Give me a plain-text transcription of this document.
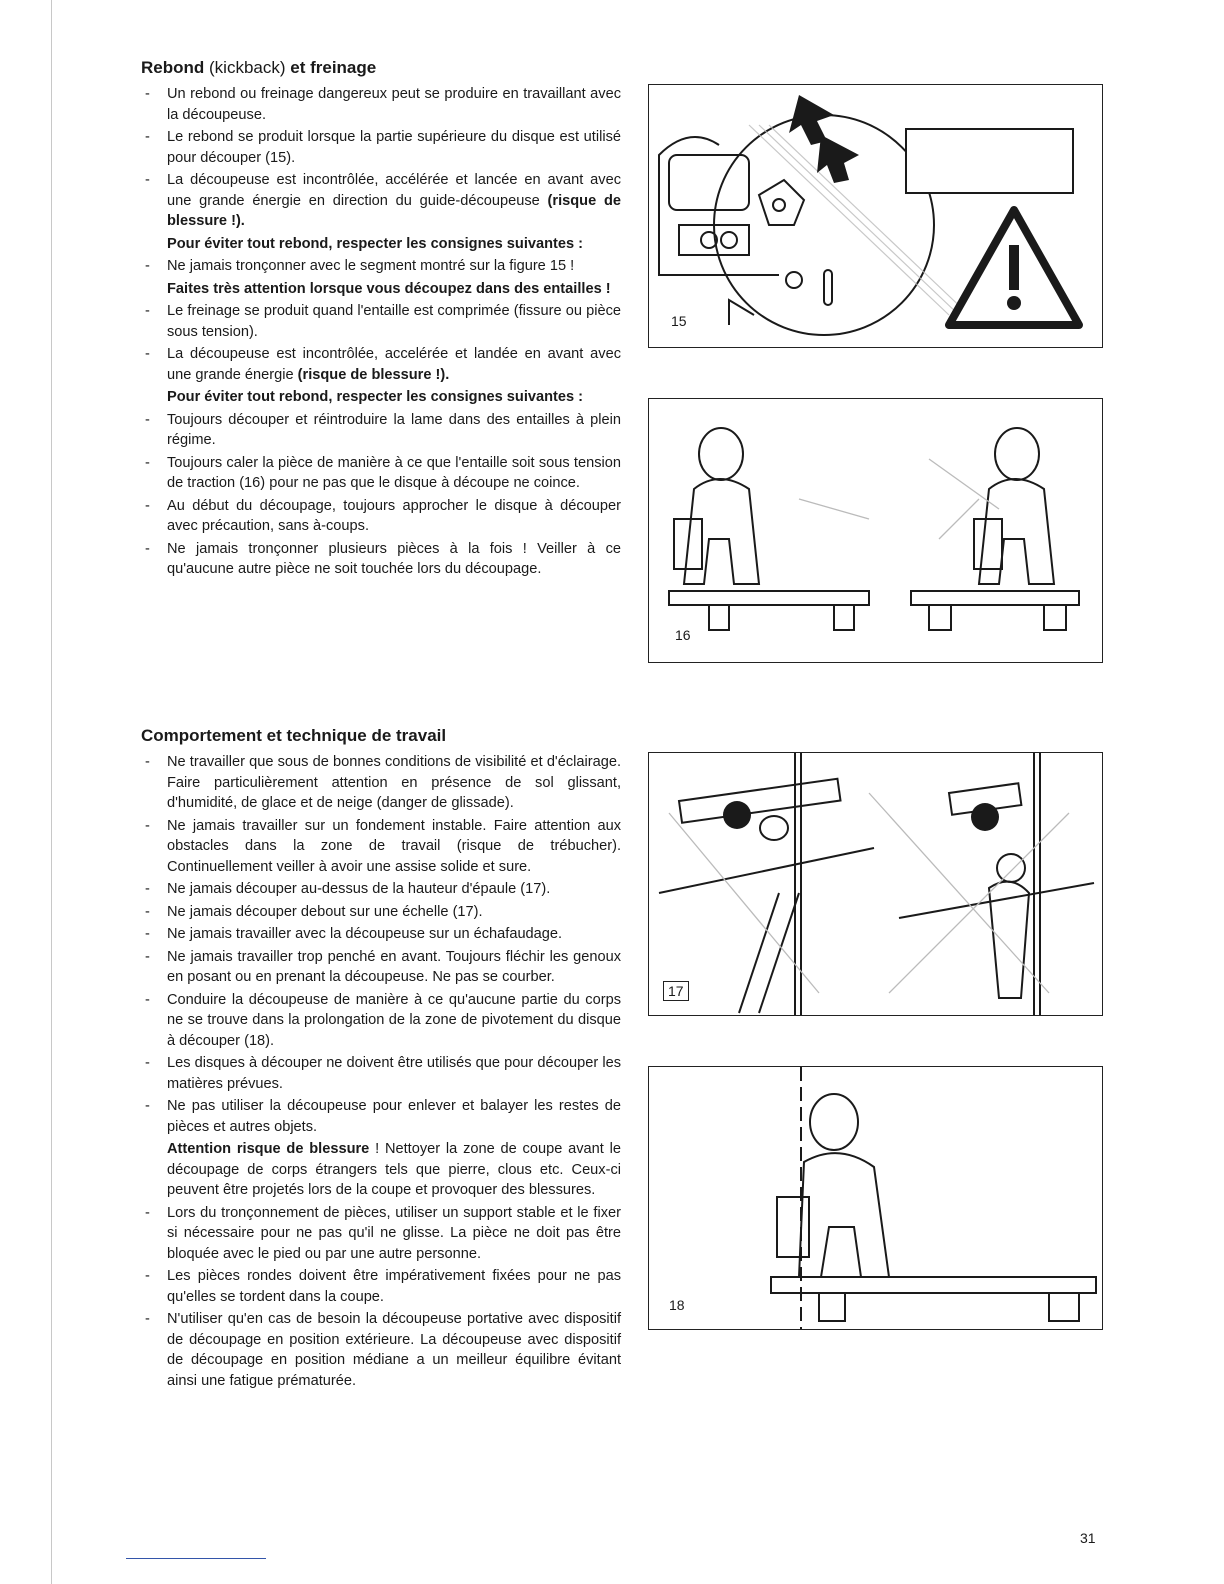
Rebond (kickback) et freinage
- Un rebond ou freinage dangereux peut se produire en travaillant avec la découpeuse.
- Le rebond se produit lorsque la partie supérieure du disque est utilisé pour découper (15).
- La découpeuse est incontrôlée, accélérée et lancée en avant avec une grande énergie en direction du guide-découpeuse (risque de blessure !).
Pour éviter tout rebond, respecter les consignes suivantes :
- Ne jamais tronçonner avec le segment montré sur la figure 15 !
Faites très attention lorsque vous découpez dans des entailles !
- Le freinage se produit quand l'entaille est comprimée (fissure ou pièce sous tension).
- La découpeuse est incontrôlée, accelérée et landée en avant avec une grande énergie (risque de blessure !).
Pour éviter tout rebond, respecter les consignes suivantes :
- Toujours découper et réintroduire la lame dans des entailles à plein régime.
- Toujours caler la pièce de manière à ce que l'entaille soit sous tension de traction (16) pour ne pas que le disque à découpe ne coince.
- Au début du découpage, toujours approcher le disque à découper avec précaution, sans à-coups.
- Ne jamais tronçonner plusieurs pièces à la fois ! Veiller à ce qu'aucune autre pièce ne soit touchée lors du découpage.
Comportement et technique de travail
- Ne travailler que sous de bonnes conditions de visibilité et d'éclairage. Faire particulièrement attention en présence de sol glissant, d'humidité, de glace et de neige (danger de glissade).
- Ne jamais travailler sur un fondement instable. Faire attention aux obstacles dans la zone de travail (risque de trébucher). Continuellement veiller à avoir une assise solide et sure.
- Ne jamais découper au-dessus de la hauteur d'épaule (17).
- Ne jamais découper debout sur une échelle (17).
- Ne jamais travailler avec la découpeuse sur un échafaudage.
- Ne jamais travailler trop penché en avant. Toujours fléchir les genoux en posant ou en prenant la découpeuse. Ne pas se courber.
- Conduire la découpeuse de manière à ce qu'aucune partie du corps ne se trouve dans la prolongation de la zone de pivotement du disque à découper (18).
- Les disques à découper ne doivent être utilisés que pour découper les matières prévues.
- Ne pas utiliser la découpeuse pour enlever et balayer les restes de pièces et autres objets.
Attention risque de blessure ! Nettoyer la zone de coupe avant le découpage de corps étrangers tels que pierre, clous etc. Ceux-ci peuvent être projetés lors de la coupe et provoquer des blessures.
- Lors du tronçonnement de pièces, utiliser un support stable et le fixer si nécessaire pour ne pas qu'il ne glisse. La pièce ne doit pas être bloquée avec le pied ou par une autre personne.
- Les pièces rondes doivent être impérativement fixées pour ne pas qu'elles se tordent dans la coupe.
- N'utiliser qu'en cas de besoin la découpeuse portative avec dispositif de découpage en position extérieure. La découpeuse avec dispositif de découpage en position médiane a un meilleur équilibre évitant ainsi une fatigue prématurée.
15
16
17
18
31
